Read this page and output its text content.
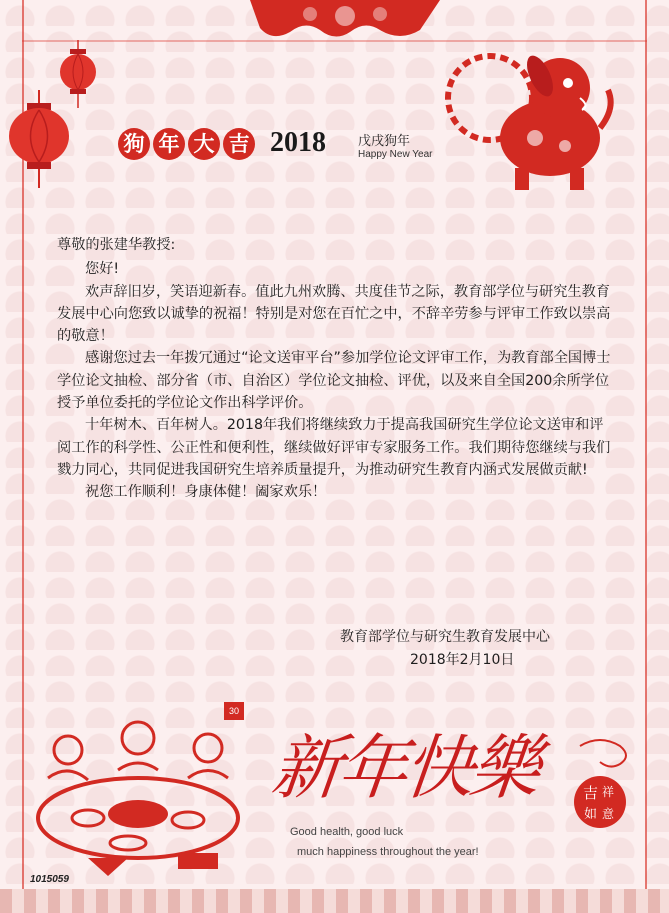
狗 年 大 吉 2018 戊戌狗年
Happy New Year

尊敬的张建华教授:

您好!

欢声辞旧岁，笑语迎新春。值此九州欢腾、共度佳节之际，教育部学位与研究生教育发展中心向您致以诚挚的祝福！特别是对您在百忙之中，不辞辛劳参与评审工作致以崇高的敬意！

感谢您过去一年拨冗通过“论文送审平台”参加学位论文评审工作，为教育部全国博士学位论文抽检、部分省（市、自治区）学位论文抽检、评优，以及来自全国200余所学位授予单位委托的学位论文作出科学评价。

十年树木、百年树人。2018年我们将继续致力于提高我国研究生学位论文送审和评阅工作的科学性、公正性和便利性，继续做好评审专家服务工作。我们期待您继续与我们戮力同心，共同促进我国研究生培养质量提升，为推动研究生教育内涵式发展做贡献!

祝您工作顺利！身康体健！阖家欢乐！

教育部学位与研究生教育发展中心
2018年2月10日
30
新年快樂	吉 祥
如 意
Good health, good luck
much happiness throughout the year!
1015059
